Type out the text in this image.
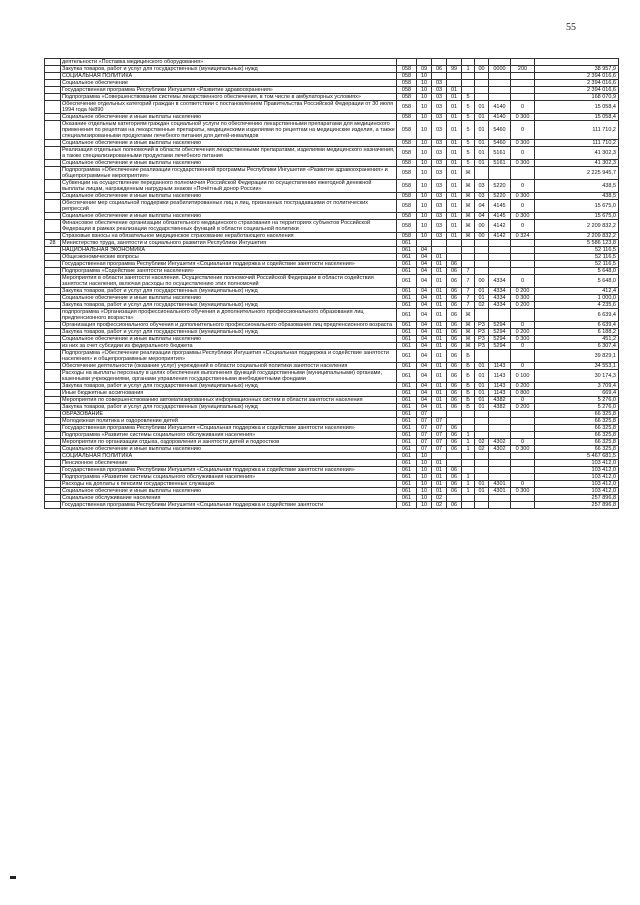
55
	деятельности «Поставка медицинского оборудования»									
	Закупка товаров, работ и услуг для государственных (муниципальных) нужд	058	09	06	99	1	00	0000	200	38 957,9
	СОЦИАЛЬНАЯ ПОЛИТИКА	058	10							2 394 016,6
	Социальное обеспечение	058	10	03						2 394 016,6
	Государственная программа Республики Ингушетия «Развитие здравоохранения»	058	10	03	01					2 394 016,6
	Подпрограмма «Совершенствование системы лекарственного обеспечения, в том числе в амбулаторных условиях»	058	10	03	01	5				168 070,9
	Обеспечение отдельных категорий граждан в соответствии с постановлением Правительства Российской Федерации от 30 июля 1994 года №890	058	10	03	01	5	01	4140	0	15 058,4
	Социальное обеспечение и иные выплаты населению	058	10	03	01	5	01	4140	0 300	15 058,4
	Оказание отдельным категориям граждан социальной услуги по обеспечению лекарственными препаратами для медицинского применения по рецептам на лекарственные препараты, медицинскими изделиями по рецептам на медицинские изделия, а также специализированными продуктами лечебного питания для детей-инвалидов	058	10	03	01	5	01	5460	0	111 710,2
	Социальное обеспечение и иные выплаты населению	058	10	03	01	5	01	5460	0 300	111 710,2
	Реализация отдельных полномочий в области обеспечения лекарственными препаратами, изделиями медицинского назначения, а также специализированными продуктами лечебного питания	058	10	03	01	5	01	5161	0	41 302,3
	Социальное обеспечение и иные выплаты населению	058	10	03	01	5	01	5161	0 300	41 302,3
	Подпрограмма «Обеспечение реализации государственной программы Республики Ингушетия «Развитие здравоохранения» и общепрограммные мероприятия»	058	10	03	01	Ж				2 225 945,7
	Субвенции на осуществление переданного полномочия Российской Федерации по осуществлению ежегодной денежной выплаты лицам, награжденным нагрудным знаком «Почётный донор России»	058	10	03	01	Ж	03	5220	0	438,5
	Социальное обеспечение и иные выплаты населению	058	10	03	01	Ж	03	5220	0 300	438,5
	Обеспечение мер социальной поддержки реабилитированных лиц и лиц, признанных пострадавшими от политических репрессий	058	10	03	01	Ж	04	4145	0	15 675,0
	Социальное обеспечение и иные выплаты населению	058	10	03	01	Ж	04	4145	0 300	15 675,0
	Финансовое обеспечение организации обязательного медицинского страхования на территориях субъектов Российской Федерации в рамках реализации государственных функций в области социальной политики	058	10	03	01	Ж	00	4142	0	2 209 832,2
	Страховые взносы на обязательное медицинское страхование неработающего населения	058	10	03	01	Ж	00	4142	0 324	2 209 832,2
28	Министерство труда, занятости и социального развития Республики Ингушетия	061								5 586 123,8
	НАЦИОНАЛЬНАЯ ЭКОНОМИКА	061	04							52 116,5
	Общеэкономические вопросы	061	04	01						52 116,5
	Государственная программа Республики Ингушетия «Социальная поддержка и содействие занятости населения»	061	04	01	06					52 116,5
	Подпрограмма «Содействие занятости населения»	061	04	01	06	7				5 648,0
	Мероприятия в области занятости населения. Осуществление полномочий Российской Федерации в области содействия занятости населения, включая расходы по осуществлению этих полномочий	061	04	01	06	7	00	4334	0	5 648,0
	Закупка товаров, работ и услуг для государственных (муниципальных) нужд	061	04	01	06	7	01	4334	0 200	412,4
	Социальное обеспечение и иные выплаты населению	061	04	01	06	7	01	4334	0 300	1 000,0
	Закупка товаров, работ и услуг для государственных (муниципальных) нужд	061	04	01	06	7	02	4334	0 200	4 235,6
	подпрограмма «Организация профессионального обучения и дополнительного профессионального образования лиц предпенсионного возраста»	061	04	01	06	Ж				6 639,4
	Организация профессионального обучения и дополнительного профессионального образования лиц предпенсионного возраста	061	04	01	06	Ж	Р3	5294	0	6 639,4
	Закупка товаров, работ и услуг для государственных (муниципальных) нужд	061	04	01	06	Ж	Р3	5294	0 200	6 188,2
	Социальное обеспечение и иные выплаты населению	061	04	01	06	Ж	Р3	5294	0 300	451,2
	из них за счет субсидии из федерального бюджета	061	04	01	06	Ж	Р3	5294	0	6 307,4
	Подпрограмма «Обеспечение реализации программы Республики Ингушетия «Социальная поддержка и содействие занятости населения» и общепрограммные мероприятия»	061	04	01	06	Б				39 829,1
	Обеспечение деятельности (оказание услуг) учреждений в области социальной политики занятости населения	061	04	01	06	Б	01	1143	0	34 553,1
	Расходы на выплаты персоналу в целях обеспечения выполнения функций государственными (муниципальными) органами, казенными учреждениями, органами управления государственными внебюджетными фондами	061	04	01	06	Б	01	1143	0 100	30 174,3
	Закупка товаров, работ и услуг для государственных (муниципальных) нужд	061	04	01	06	Б	01	1143	0 200	3 709,4
	Иные бюджетные ассигнования	061	04	01	06	Б	01	1143	0 800	669,4
	Мероприятия по совершенствованию автоматизированных информационных систем в области занятости населения	061	04	01	06	Б	01	4382	0	5 276,0
	Закупка товаров, работ и услуг для государственных (муниципальных) нужд	061	04	01	06	Б	01	4382	0 200	5 276,0
	ОБРАЗОВАНИЕ	061	07							66 325,8
	Молодежная политика и оздоровление детей	061	07	07						66 325,8
	Государственная программа Республики Ингушетия «Социальная поддержка и содействие занятости населения»	061	07	07	06					66 325,8
	Подпрограмма «Развитие системы социального обслуживания населения»	061	07	07	06	1				66 325,8
	Мероприятия по организации отдыха, оздоровления и занятости детей и подростков	061	07	07	06	1	02	4302	0	66 325,8
	Социальное обеспечение и иные выплаты населению	061	07	07	06	1	02	4302	0 300	66 325,8
	СОЦИАЛЬНАЯ ПОЛИТИКА	061	10							5 467 681,5
	Пенсионное обеспечение	061	10	01						103 412,0
	Государственная программа Республики Ингушетия «Социальная поддержка и содействие занятости населения»	061	10	01	06					103 412,0
	Подпрограмма «Развитие системы социального обслуживания населения»	061	10	01	06	1				103 412,0
	Расходы на доплаты к пенсиям государственных служащих	061	10	01	06	1	01	4301	0	103 412,0
	Социальное обеспечение и иные выплаты населению	061	10	01	06	1	01	4301	0 300	103 412,0
	Социальное обслуживание населения	061	10	02						257 896,8
	Государственная программа Республики Ингушетия «Социальная поддержка и содействие занятости	061	10	02	06					257 896,8
